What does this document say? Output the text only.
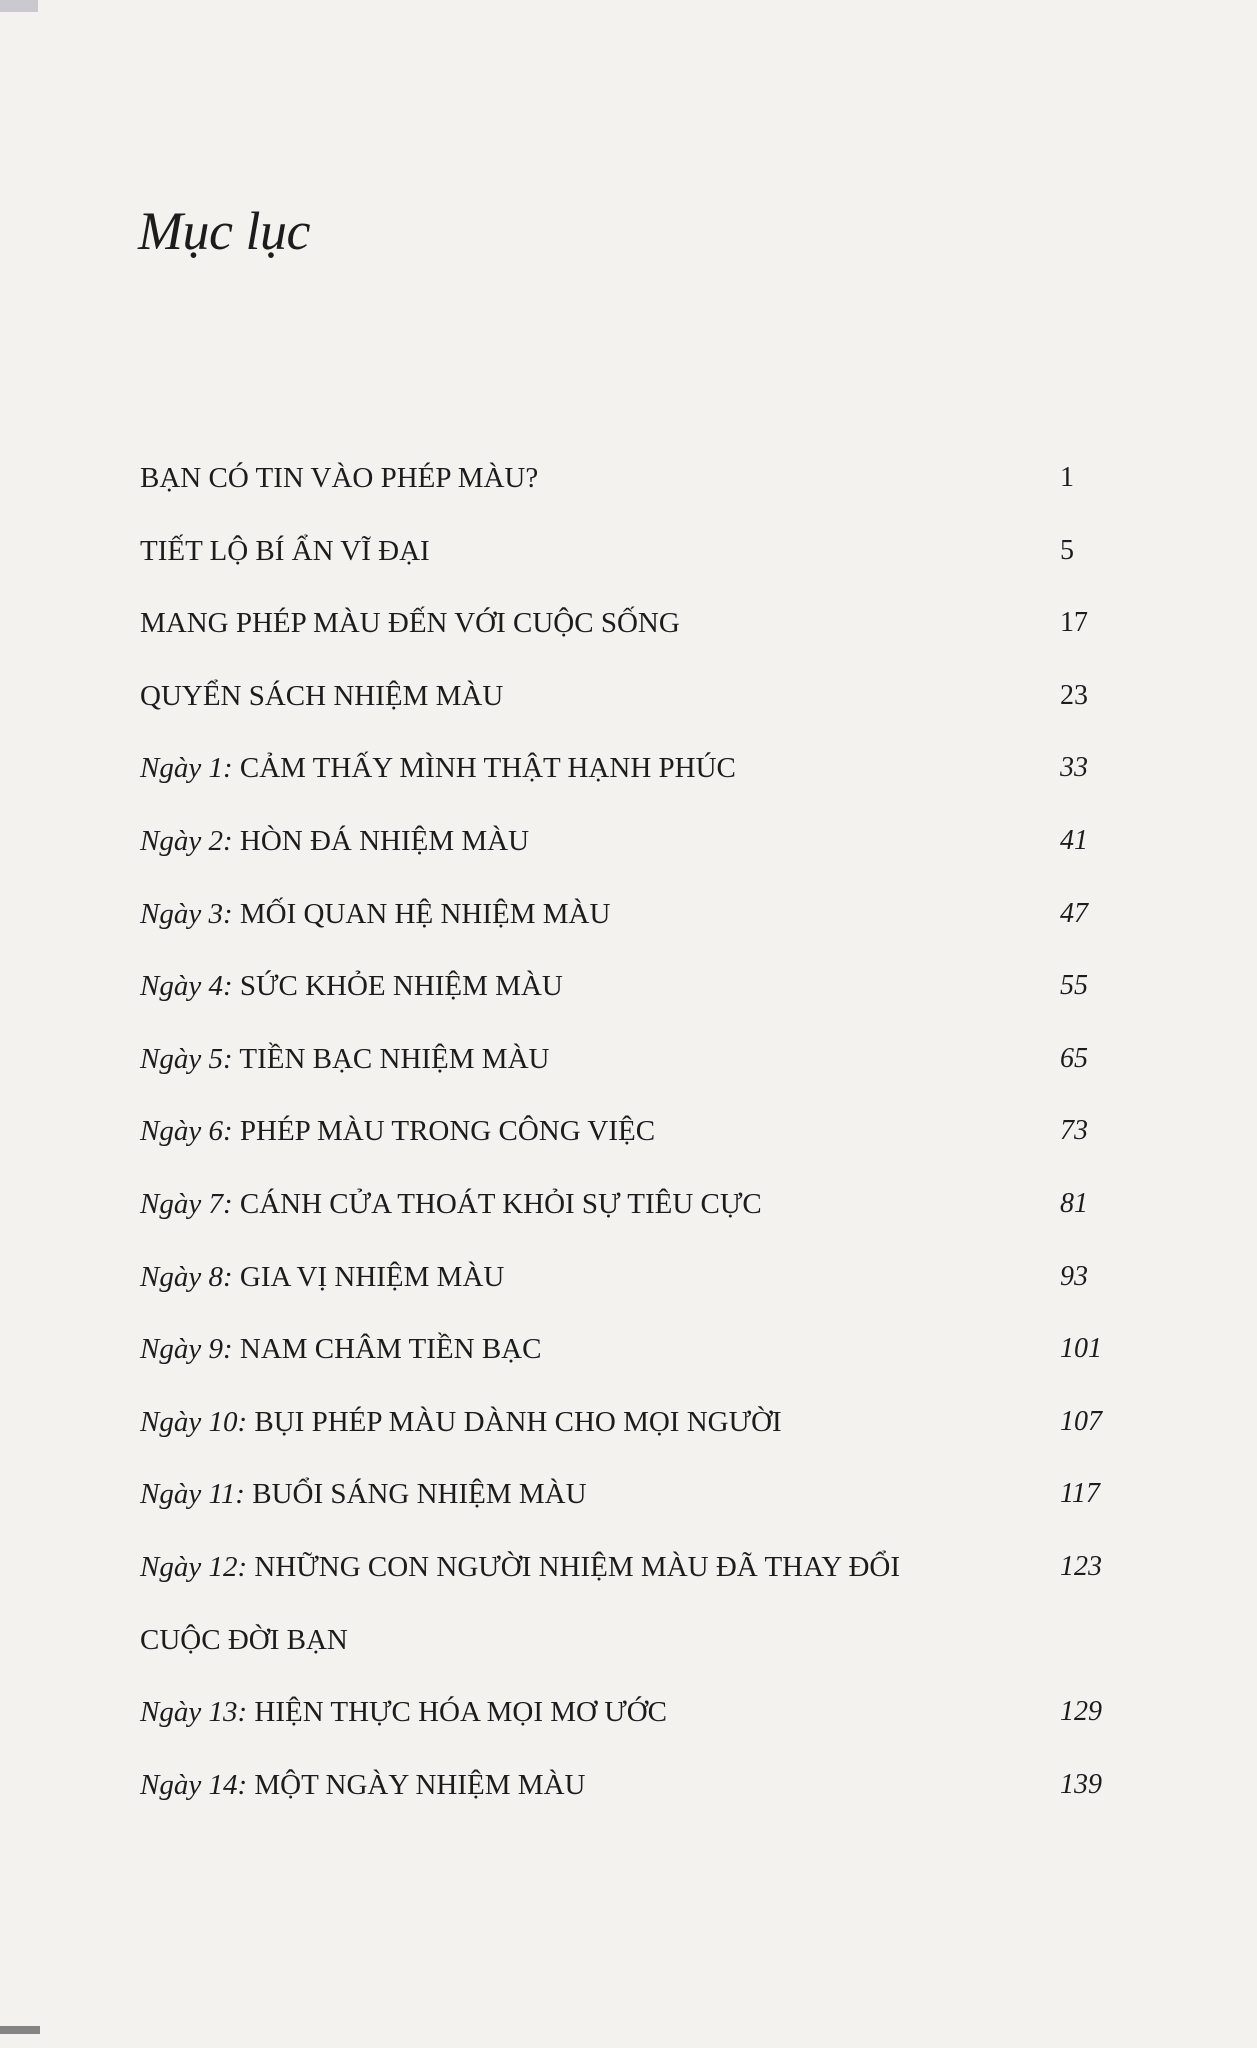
Mục lục
BẠN CÓ TIN VÀO PHÉP MÀU?	1
TIẾT LỘ BÍ ẨN VĨ ĐẠI	5
MANG PHÉP MÀU ĐẾN VỚI CUỘC SỐNG	17
QUYỂN SÁCH NHIỆM MÀU	23
Ngày 1: CẢM THẤY MÌNH THẬT HẠNH PHÚC	33
Ngày 2: HÒN ĐÁ NHIỆM MÀU	41
Ngày 3: MỐI QUAN HỆ NHIỆM MÀU	47
Ngày 4: SỨC KHỎE NHIỆM MÀU	55
Ngày 5: TIỀN BẠC NHIỆM MÀU	65
Ngày 6: PHÉP MÀU TRONG CÔNG VIỆC	73
Ngày 7: CÁNH CỬA THOÁT KHỎI SỰ TIÊU CỰC	81
Ngày 8: GIA VỊ NHIỆM MÀU	93
Ngày 9: NAM CHÂM TIỀN BẠC	101
Ngày 10: BỤI PHÉP MÀU DÀNH CHO MỌI NGƯỜI	107
Ngày 11: BUỔI SÁNG NHIỆM MÀU	117
Ngày 12: NHỮNG CON NGƯỜI NHIỆM MÀU ĐÃ THAY ĐỔI	123
CUỘC ĐỜI BẠN
Ngày 13: HIỆN THỰC HÓA MỌI MƠ ƯỚC	129
Ngày 14: MỘT NGÀY NHIỆM MÀU	139
